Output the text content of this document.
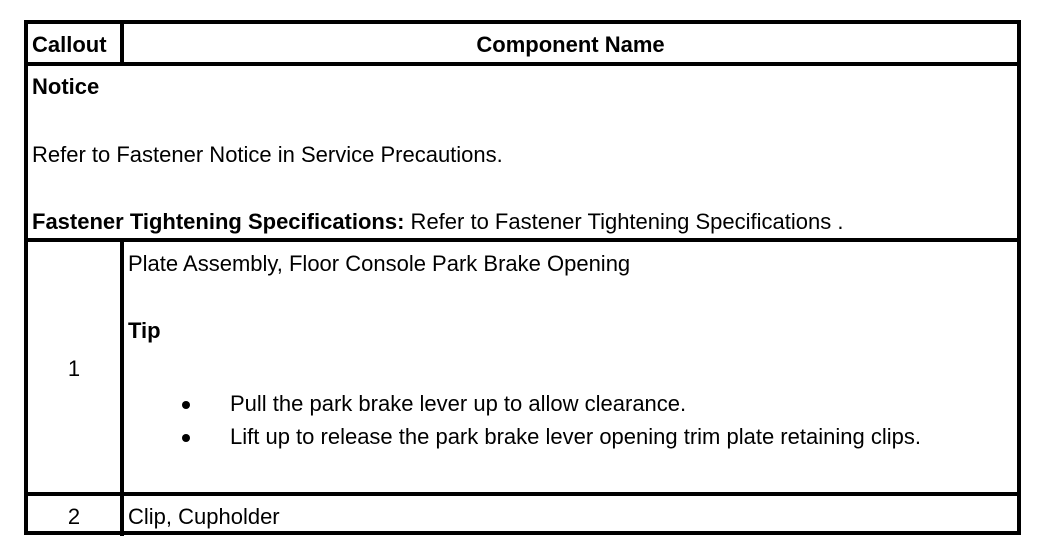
Callout	Component Name
Notice
Refer to Fastener Notice in Service Precautions.
Fastener Tightening Specifications: Refer to Fastener Tightening Specifications .
1
Plate Assembly, Floor Console Park Brake Opening
Tip
Pull the park brake lever up to allow clearance.
Lift up to release the park brake lever opening trim plate retaining clips.
2	Clip, Cupholder
